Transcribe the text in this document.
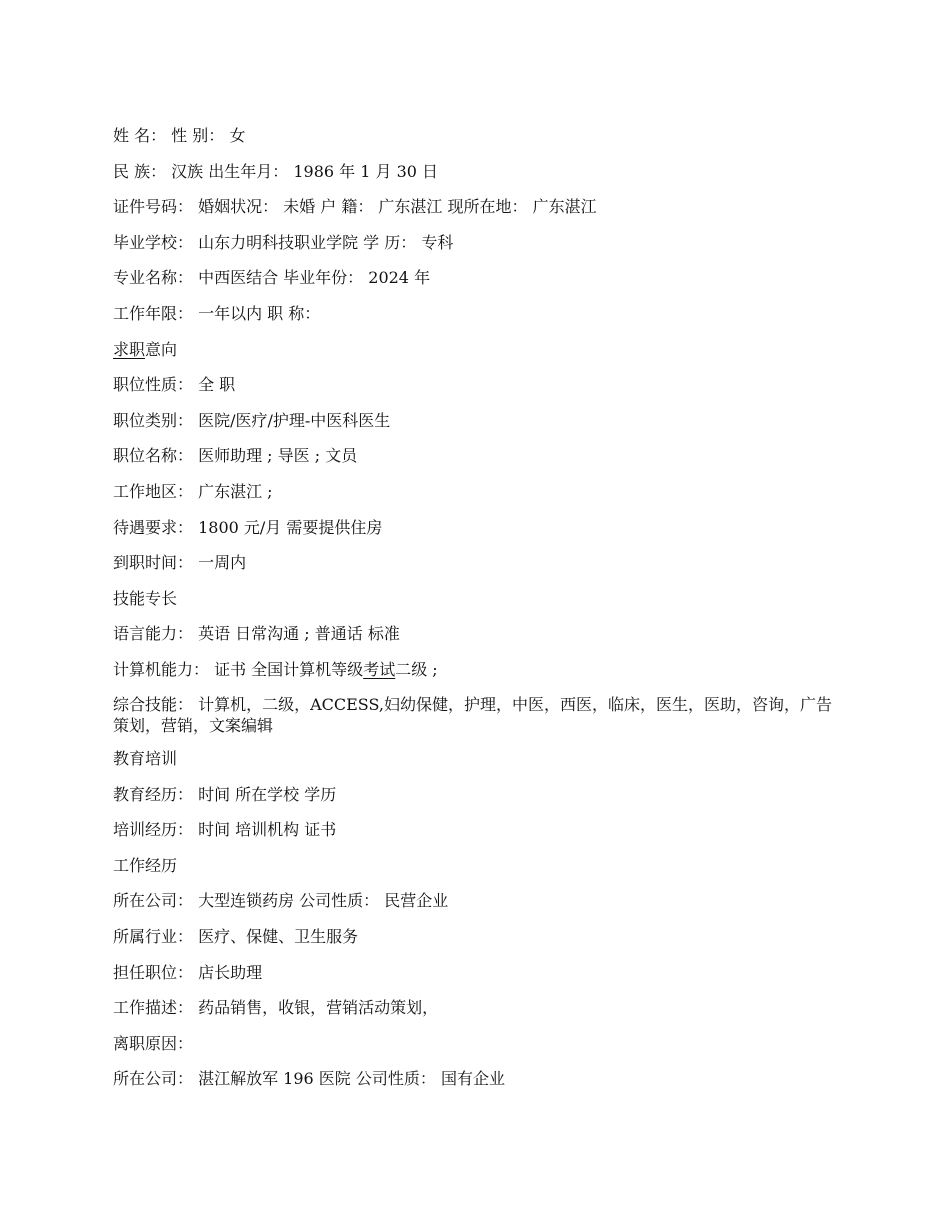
姓 名： 性 别： 女
民 族： 汉族 出生年月： 1986 年 1 月 30 日
证件号码： 婚姻状况： 未婚 户 籍： 广东湛江 现所在地： 广东湛江
毕业学校： 山东力明科技职业学院 学 历： 专科
专业名称： 中西医结合 毕业年份： 2024 年
工作年限： 一年以内 职 称：
求职意向
职位性质： 全 职
职位类别： 医院/医疗/护理-中医科医生
职位名称： 医师助理 ; 导医 ; 文员
工作地区： 广东湛江 ;
待遇要求： 1800 元/月 需要提供住房
到职时间： 一周内
技能专长
语言能力： 英语 日常沟通 ; 普通话 标准
计算机能力： 证书 全国计算机等级考试二级 ;
综合技能： 计算机，二级，ACCESS,妇幼保健，护理，中医，西医，临床，医生，医助，咨询，广告策划，营销，文案编辑
教育培训
教育经历： 时间 所在学校 学历
培训经历： 时间 培训机构 证书
工作经历
所在公司： 大型连锁药房 公司性质： 民营企业
所属行业： 医疗、保健、卫生服务
担任职位： 店长助理
工作描述： 药品销售，收银，营销活动策划，
离职原因：
所在公司： 湛江解放军 196 医院 公司性质： 国有企业
